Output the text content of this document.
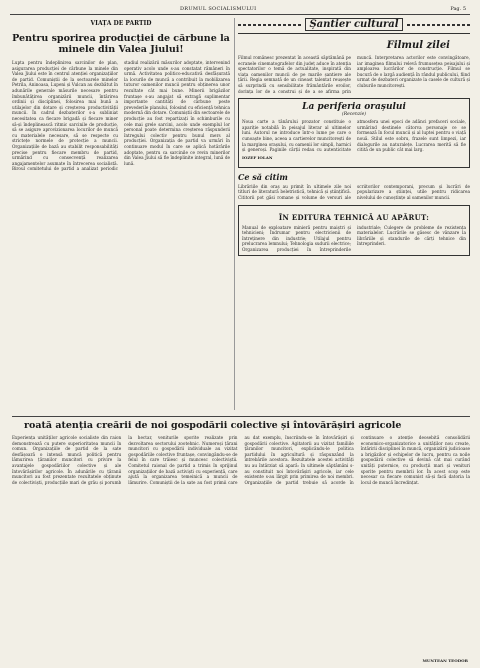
DRUMUL SOCIALISMULUI	Pag. 5
VIAȚA DE PARTID
Pentru sporirea producției de cărbune la minele din Valea Jiului!
Lupta pentru îndeplinirea sarcinilor de plan, asigurarea producției de cărbune la minele din Valea Jiului este în centrul atenției organizațiilor de partid. Comuniștii de la sectoarele minelor Petrila, Aninoasa, Lupeni și Vulcan au dezbătut în adunările generale măsurile necesare pentru îmbunătățirea organizării muncii, întărirea ordinii și disciplinei, folosirea mai bună a utilajelor din dotare și creșterea productivității muncii. În cadrul dezbaterilor s-a subliniat necesitatea ca fiecare brigadă și fiecare miner să-și îndeplinească ritmic sarcinile de producție, să se asigure aprovizionarea locurilor de muncă cu materialele necesare, să se respecte cu strictețe normele de protecție a muncii. Organizațiile de bază au stabilit responsabilități precise pentru fiecare membru de partid, urmărind cu consecvență realizarea angajamentelor asumate în întrecerea socialistă. Biroul comitetului de partid a analizat periodic stadiul realizării măsurilor adoptate, intervenind operativ acolo unde s-au constatat rămâneri în urmă. Activitatea politico-educativă desfășurată la locurile de muncă a contribuit la mobilizarea tuturor oamenilor muncii pentru obținerea unor rezultate cât mai bune. Minerii brigăzilor fruntașe s-au angajat să extragă suplimentar importante cantități de cărbune peste prevederile planului, folosind cu eficiență tehnica modernă din dotare. Comuniștii din sectoarele de producție au fost repartizați în schimburile cu cele mai grele sarcini, acolo unde exemplul lor personal poate determina creșterea răspunderii întregului colectiv pentru bunul mers al producției. Organizația de partid va urmări în continuare modul în care se aplică hotărârile adoptate, pentru ca sarcinile ce revin minerilor din Valea Jiului să fie îndeplinite integral, lună de lună.
Șantier cultural
Filmul zilei
Filmul românesc prezentat în această săptămână pe ecranele cinematografelor din județ aduce în atenția spectatorilor o temă de actualitate, inspirată din viața oamenilor muncii de pe marile șantiere ale țării. Regia semnată de un cineast talentat reușește să surprindă cu sensibilitate frământările eroilor, dorința lor de a construi și de a se afirma prin muncă. Interpretarea actorilor este convingătoare, iar imaginea filmului relevă frumusețea peisajului și amploarea lucrărilor de construcție. Filmul se bucură de o largă audiență în rândul publicului, fiind urmat de dezbateri organizate la casele de cultură și cluburile muncitorești.
La periferia orașului
(Recenzie)
Noua carte a tânărului prozator constituie o apariție notabilă în peisajul literar al ultimelor luni. Autorul ne introduce într-o lume pe care o cunoaște bine, aceea a cartierelor muncitorești de la marginea orașului, cu oamenii lor simpli, harnici și generoși. Paginile cărții redau cu autenticitate atmosfera unei epoci de adânci prefaceri sociale, urmărind destinele câtorva personaje ce se formează în focul muncii și al luptei pentru o viață nouă. Stilul este sobru, frazele sunt limpezi, iar dialogurile au naturalețe. Lucrarea merită să fie citită de un public cât mai larg.
IOZEF IOLAN
Ce să citim
Librăriile din oraș au primit în ultimele zile noi titluri de literatură beletristică, tehnică și științifică. Cititorii pot găsi romane și volume de versuri ale scriitorilor contemporani, precum și lucrări de popularizare a științei, utile pentru ridicarea nivelului de cunoștințe al oamenilor muncii.
ÎN EDITURA TEHNICĂ AU APĂRUT:
Manual de exploatare minieră pentru maiștri și tehnicieni; Îndrumar pentru electricienii de întreținere din industrie; Utilajul pentru prelucrarea lemnului; Tehnologia sudurii electrice; Organizarea producției în întreprinderile industriale; Culegere de probleme de rezistența materialelor. Lucrările se găsesc de vânzare la librăriile și standurile de cărți tehnice din întreprinderi.
roată atenția creării de noi gospodării colective și întovărășiri agricole
Experiența unităților agricole socialiste din raion demonstrează cu putere superioritatea muncii în comun. Organizațiile de partid de la sate desfășoară o intensă muncă politică pentru lămurirea țăranilor muncitori cu privire la avantajele gospodăriilor colective și ale întovărășirilor agricole. În adunările cu țăranii muncitori au fost prezentate rezultatele obținute de colectiviști, producțiile mari de grâu și porumb la hectar, veniturile sporite realizate prin dezvoltarea sectorului zootehnic. Numeroși țărani muncitori cu gospodării individuale au vizitat gospodăriile colective fruntașe, convingându-se de felul în care trăiesc și muncesc colectiviștii. Comitetul raional de partid a trimis în sprijinul organizațiilor de bază activiști cu experiență, care ajută la organizarea temeinică a muncii de lămurire. Comuniștii de la sate au fost primii care au dat exemplu, înscriindu-se în întovărășiri și gospodării colective. Agitatorii au vizitat familiile țăranilor muncitori, explicându-le politica partidului în agricultură și răspunzând la întrebările acestora. Rezultatele acestei activități nu au întârziat să apară: în ultimele săptămâni s-au constituit noi întovărășiri agricole, iar cele existente s-au lărgit prin primirea de noi membri. Organizațiile de partid trebuie să acorde în continuare o atenție deosebită consolidării economico-organizatorice a unităților nou create, întăririi disciplinei în muncă, organizării judicioase a brigăzilor și echipelor de lucru, pentru ca noile gospodării colective să devină cât mai curând unități puternice, cu producții mari și venituri sporite pentru membrii lor. În acest scop este necesar ca fiecare comunist să-și facă datoria la locul de muncă încredințat.
MUNTEAN TEODOR
